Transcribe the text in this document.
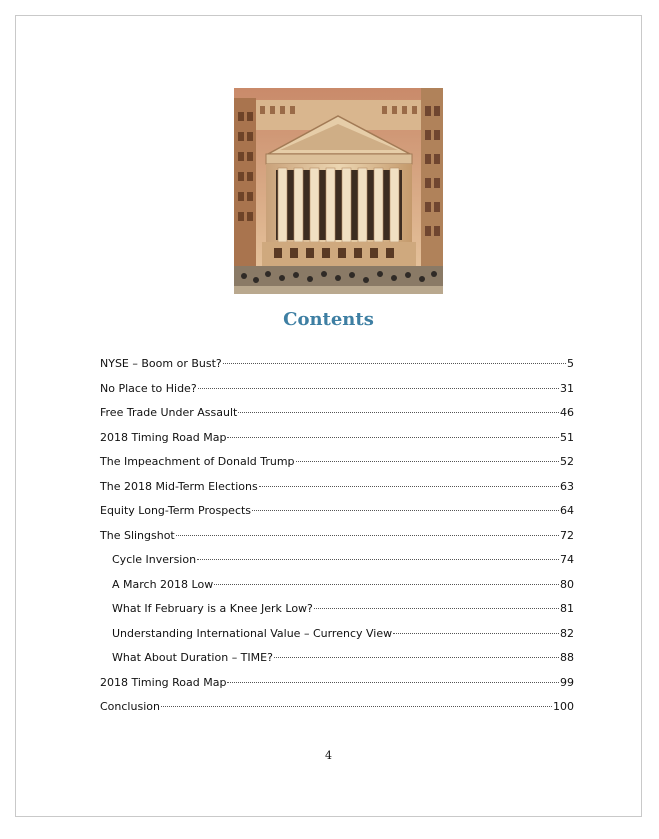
Contents
NYSE – Boom or Bust?	5
No Place to Hide?	31
Free Trade Under Assault	46
2018 Timing Road Map	51
The Impeachment of Donald Trump	52
The 2018 Mid-Term Elections	63
Equity Long-Term Prospects	64
The Slingshot	72
Cycle Inversion	74
A March 2018 Low	80
What If February is a Knee Jerk Low?	81
Understanding International Value – Currency View	82
What About Duration – TIME?	88
2018 Timing Road Map	99
Conclusion	100
4
